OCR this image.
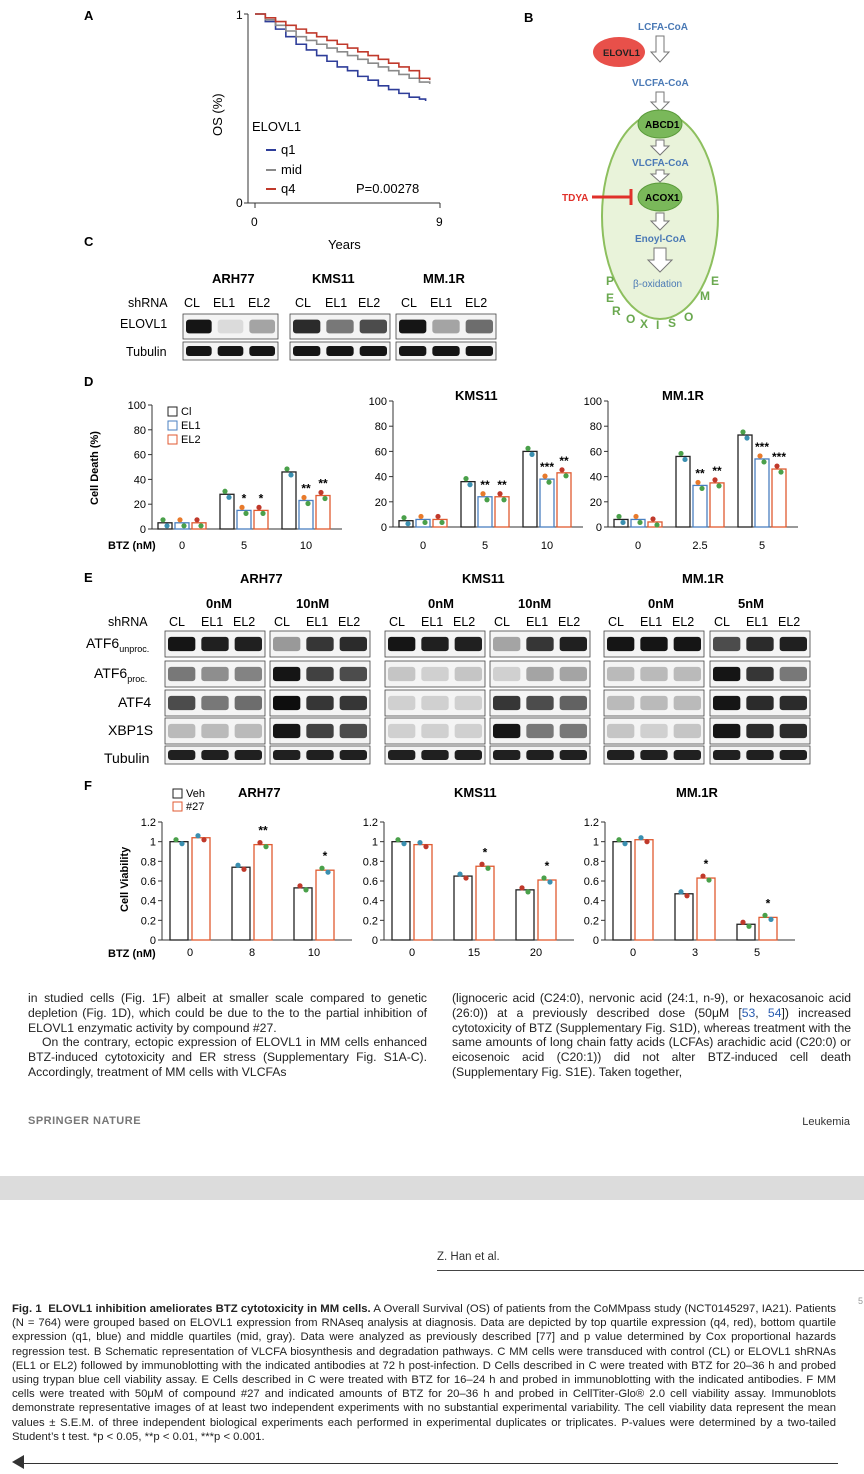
A	B
C
D
E
F
1
0
0	9
Years
OS (%) ELOVL1
q1
mid
q4	P=0.00278
LCFA-CoA
ELOVL1
VLCFA-CoA
ABCD1
VLCFA-CoA
ACOX1
TDYA
Enoyl-CoA
β-oxidation
P
E
R
O X I S O
M
E
ARH77	KMS11	MM.1R
shRNA CL EL1 EL2 CL EL1 EL2 CL EL1 EL2
ELOVL1
Tubulin
Cell Death (%)
BTZ (nM)
Cl
EL1
EL2
0
20
40
60
80
100
0
* *
5
** **
10
0
20
40
60
80
100	KMS11
0
** **
5
*** **
10
0
20
40
60
80
100	MM.1R
0
** **
2.5
***
***
5
ARH77	KMS11	MM.1R
0nM	10nM	0nM	10nM	0nM	5nM
shRNA
$ATF6_{unproc.}$
$ATF6_{proc.}$
ATF4
XBP1S
Tubulin
CL EL1 EL2 CL EL1 EL2 CL EL1 EL2 CL EL1 EL2 CL EL1 EL2 CL EL1 EL2
Cell Viability
BTZ (nM)
Veh
#27
0
0.2
0.4
0.6
0.8
1
1.2
ARH77
0
**
8
*
10
0
0.2
0.4
0.6
0.8
1
1.2
KMS11
0
*
15
*
20
0
0.2
0.4
0.6
0.8
1
1.2
MM.1R
0
*
3
*
5

in studied cells (Fig. 1F) albeit at smaller scale compared to genetic depletion (Fig. 1D), which could be due to the to the partial inhibition of ELOVL1 enzymatic activity by compound #27.

On the contrary, ectopic expression of ELOVL1 in MM cells enhanced BTZ-induced cytotoxicity and ER stress (Supplementary Fig. S1A-C). Accordingly, treatment of MM cells with VLCFAs

(lignoceric acid (C24:0), nervonic acid (24:1, n-9), or hexacosanoic acid (26:0)) at a previously described dose (50μM [53, 54]) increased cytotoxicity of BTZ (Supplementary Fig. S1D), whereas treatment with the same amounts of long chain fatty acids (LCFAs) arachidic acid (C20:0) or eicosenoic acid (C20:1)) did not alter BTZ-induced cell death (Supplementary Fig. S1E). Taken together,

SPRINGER NATURE	Leukemia
Z. Han et al.
5
Fig. 1 ELOVL1 inhibition ameliorates BTZ cytotoxicity in MM cells. A Overall Survival (OS) of patients from the CoMMpass study (NCT0145297, IA21). Patients (N = 764) were grouped based on ELOVL1 expression from RNAseq analysis at diagnosis. Data are depicted by top quartile expression (q4, red), bottom quartile expression (q1, blue) and middle quartiles (mid, gray). Data were analyzed as previously described [77] and p value determined by Cox proportional hazards regression test. B Schematic representation of VLCFA biosynthesis and degradation pathways. C MM cells were transduced with control (CL) or ELOVL1 shRNAs (EL1 or EL2) followed by immunoblotting with the indicated antibodies at 72 h post-infection. D Cells described in C were treated with BTZ for 20–36 h and probed using trypan blue cell viability assay. E Cells described in C were treated with BTZ for 16–24 h and probed in immunoblotting with the indicated antibodies. F MM cells were treated with 50μM of compound #27 and indicated amounts of BTZ for 20–36 h and probed in CellTiter-Glo® 2.0 cell viability assay. Immunoblots demonstrate representative images of at least two independent experiments with no substantial experimental variability. The cell viability data represent the mean values ± S.E.M. of three independent biological experiments each performed in experimental duplicates or triplicates. P-values were determined by a two-tailed Student’s t test. *p < 0.05, **p < 0.01, ***p < 0.001.
